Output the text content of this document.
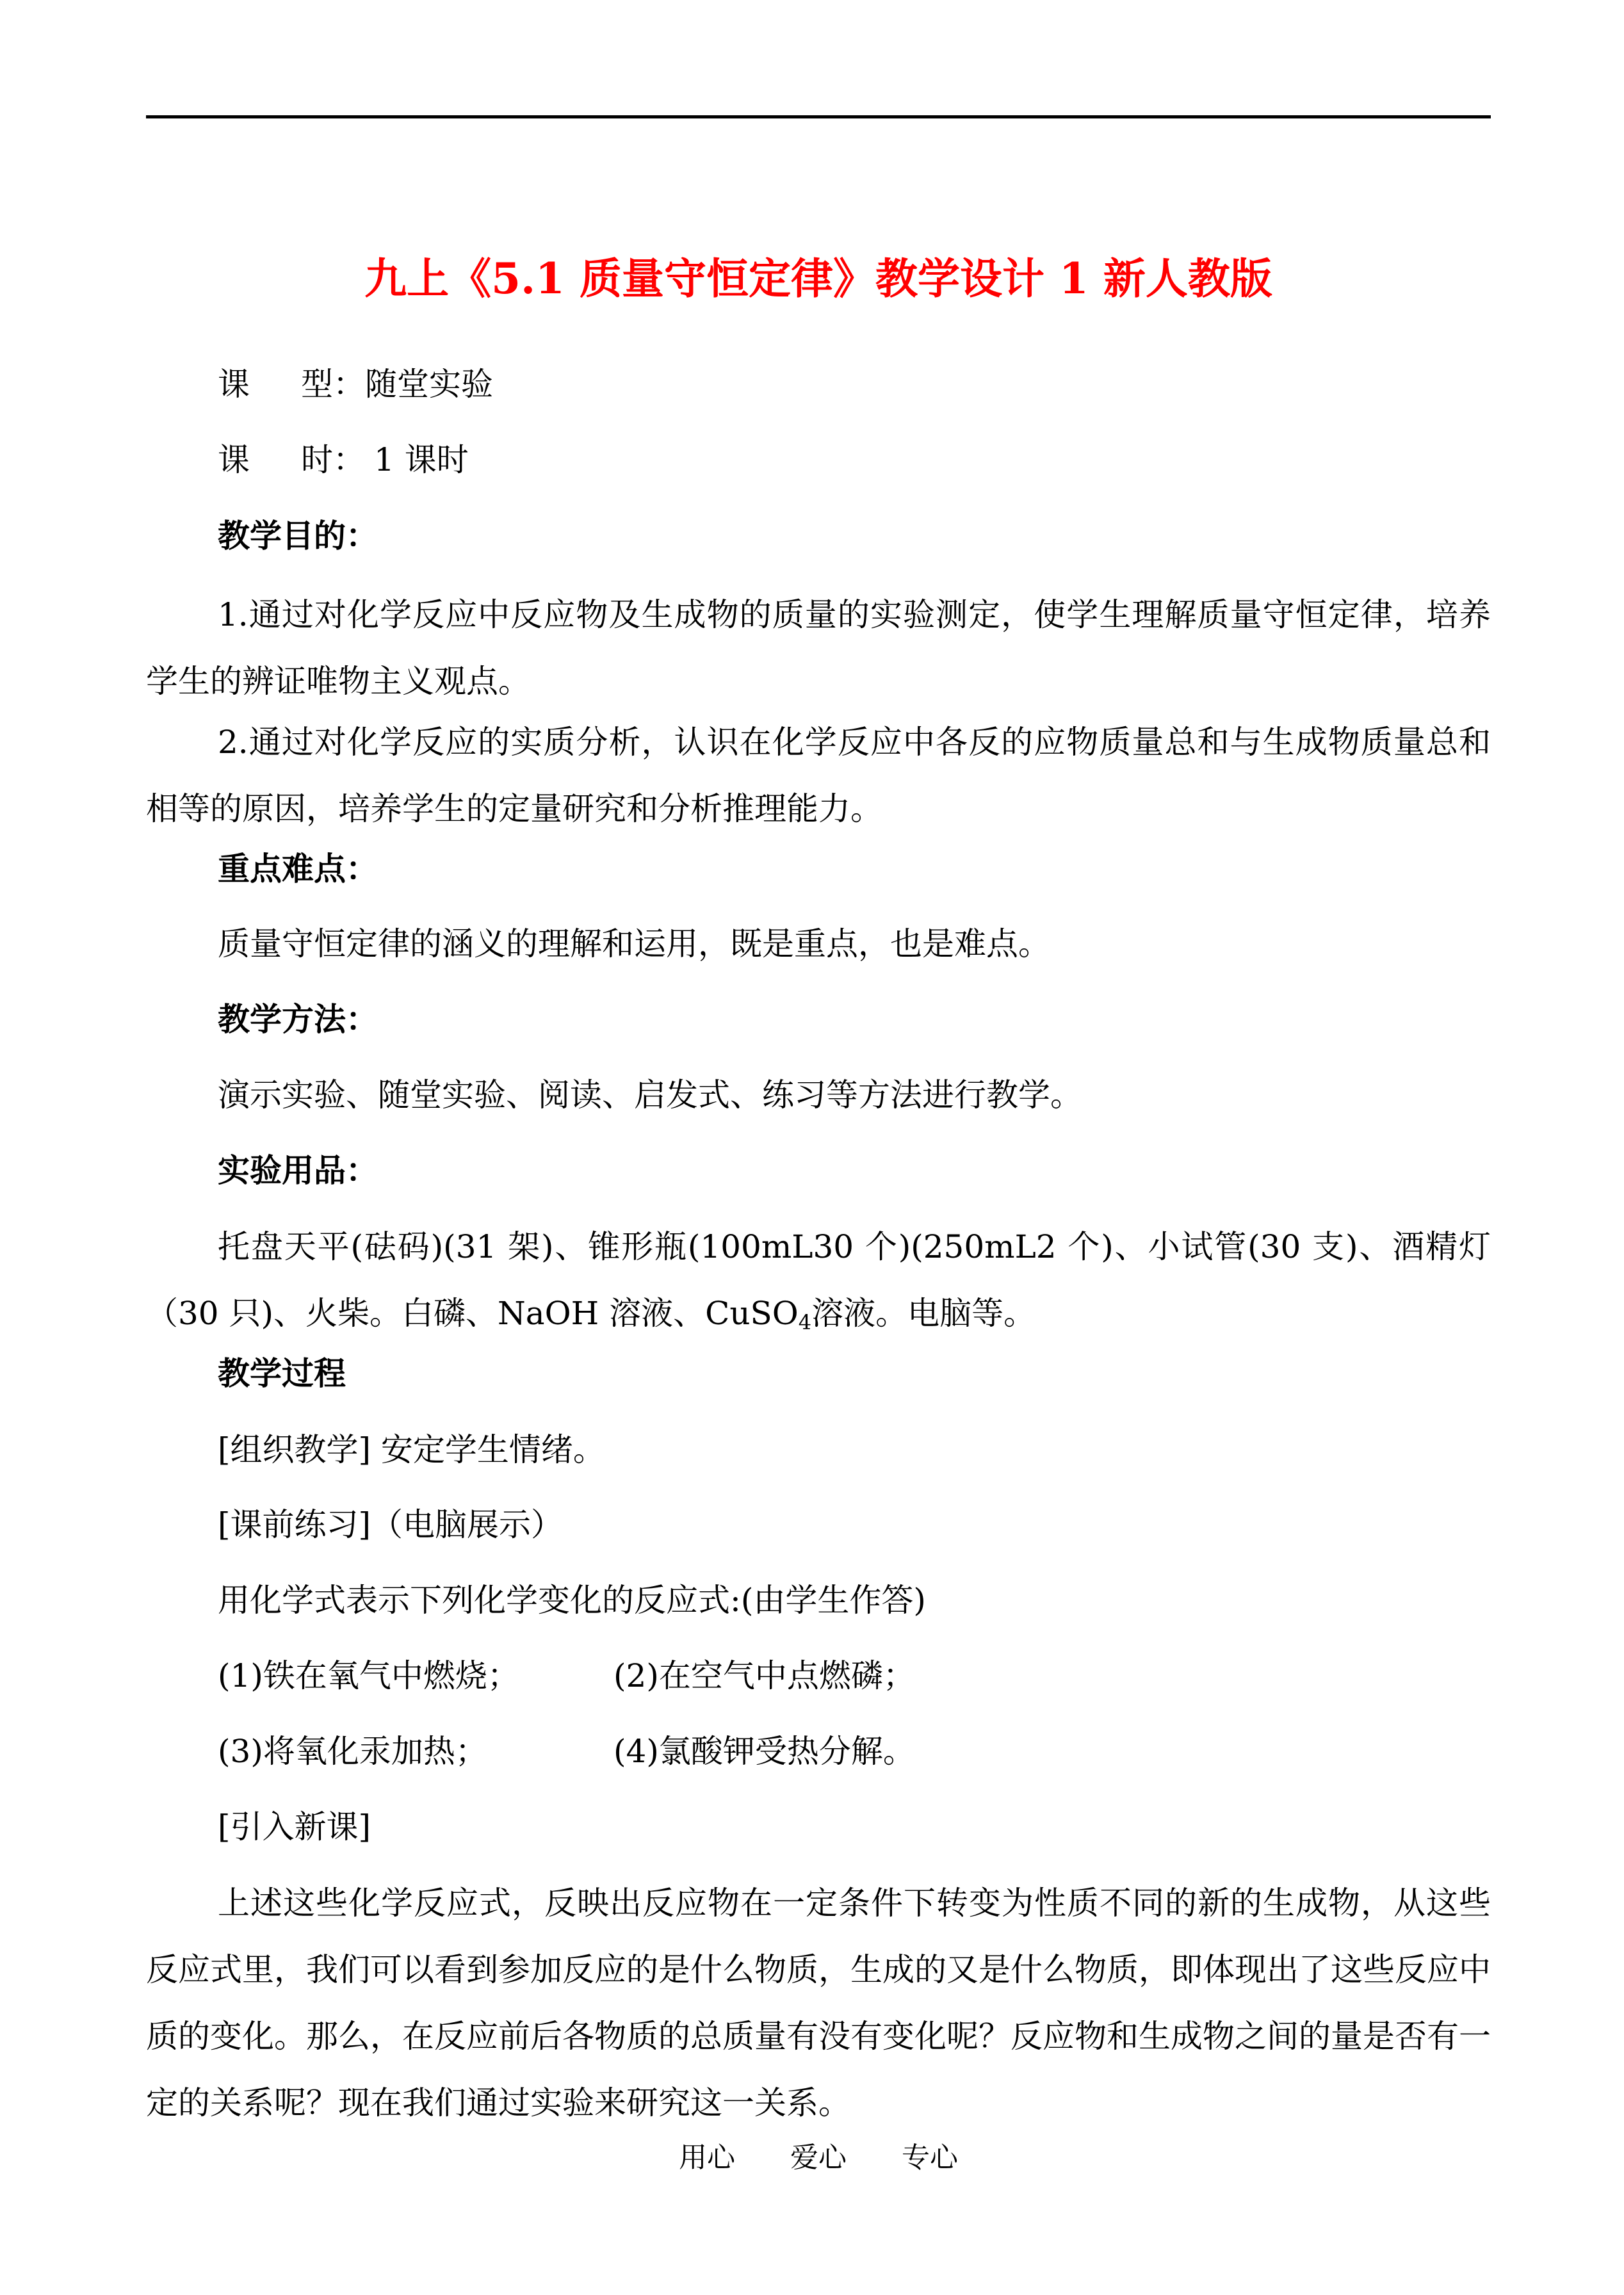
九上《5.1 质量守恒定律》教学设计 1 新人教版

课 型：随堂实验

课 时： 1 课时

教学目的：

1.通过对化学反应中反应物及生成物的质量的实验测定，使学生理解质量守恒定律，培养学生的辨证唯物主义观点。

2.通过对化学反应的实质分析，认识在化学反应中各反的应物质量总和与生成物质量总和相等的原因，培养学生的定量研究和分析推理能力。

重点难点：

质量守恒定律的涵义的理解和运用，既是重点，也是难点。

教学方法：

演示实验、随堂实验、阅读、启发式、练习等方法进行教学。

实验用品：

托盘天平(砝码)(31 架)、锥形瓶(100mL30 个)(250mL2 个)、小试管(30 支)、酒精灯（30 只)、火柴。白磷、NaOH 溶液、CuSO$_4$溶液。电脑等。

教学过程

[组织教学] 安定学生情绪。

[课前练习]（电脑展示）

用化学式表示下列化学变化的反应式:(由学生作答)

(1)铁在氧气中燃烧；	(2)在空气中点燃磷；

(3)将氧化汞加热；	(4)氯酸钾受热分解。

[引入新课]

上述这些化学反应式，反映出反应物在一定条件下转变为性质不同的新的生成物，从这些反应式里，我们可以看到参加反应的是什么物质，生成的又是什么物质，即体现出了这些反应中质的变化。那么，在反应前后各物质的总质量有没有变化呢？反应物和生成物之间的量是否有一定的关系呢？现在我们通过实验来研究这一关系。

用心 爱心 专心
